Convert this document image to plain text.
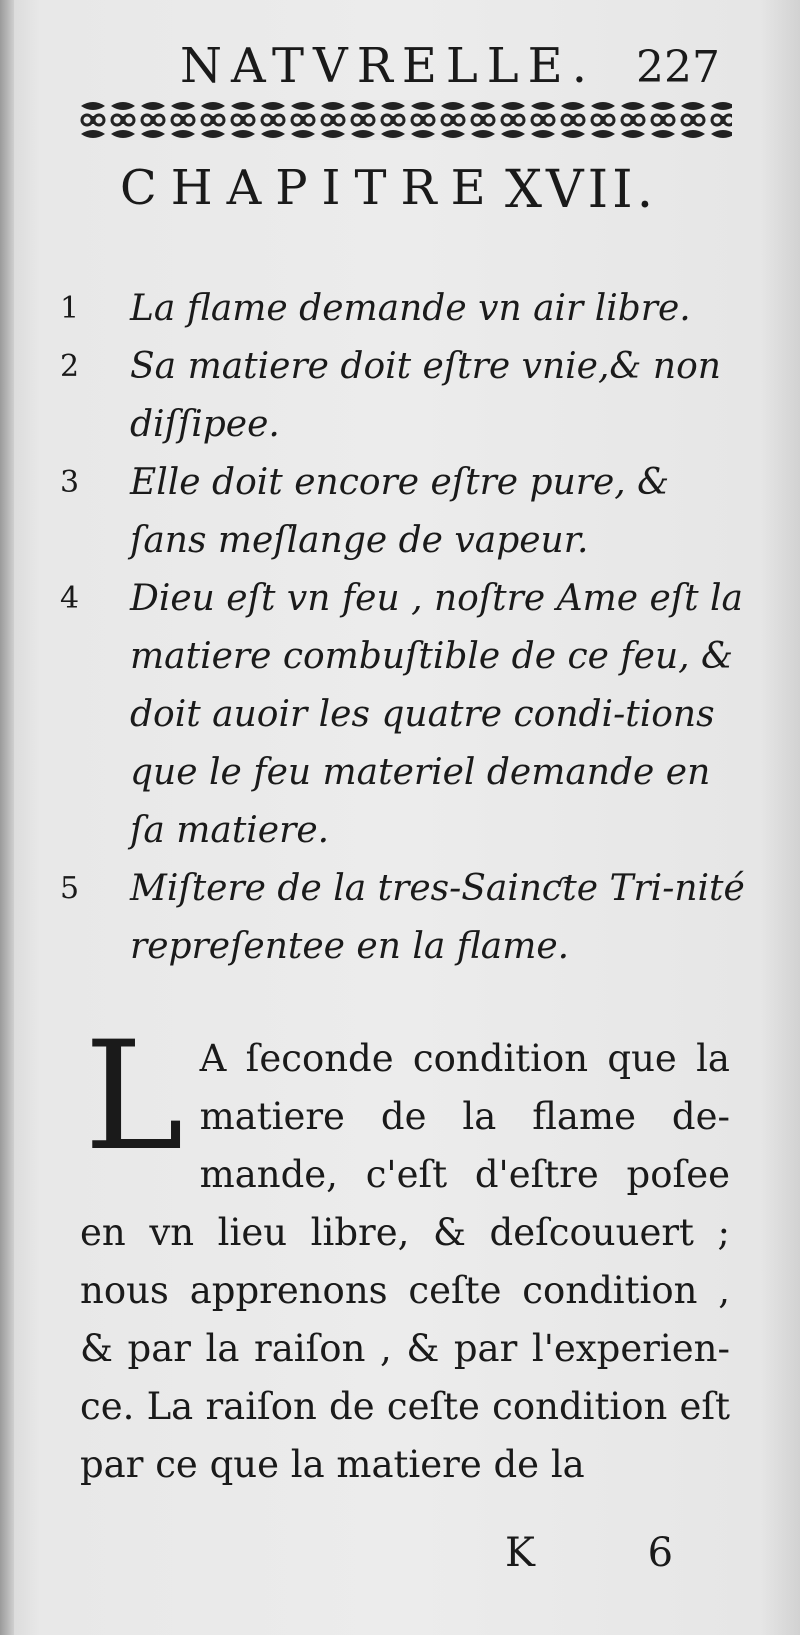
NATVRELLE. 227
CHAPITRE XVII.
1	La flame demande vn air libre.
2	Sa matiere doit eſtre vnie,& non diſſipee.
3	Elle doit encore eſtre pure, & ſans meſlange de vapeur.
4	Dieu eſt vn feu , noſtre Ame eſt la matiere combuſtible de ce feu, & doit auoir les quatre condi-tions que le feu materiel demande en ſa matiere.
5	Miſtere de la tres-Sainƈte Tri-nité repreſentee en la flame.
L A ſeconde condition que la matiere de la flame de-mande, c'eſt d'eſtre poſee en vn lieu libre, & deſcouuert ; nous apprenons ceſte condition , & par la raiſon , & par l'experien-ce. La raiſon de ceſte condition eſt par ce que la matiere de la

K 6
